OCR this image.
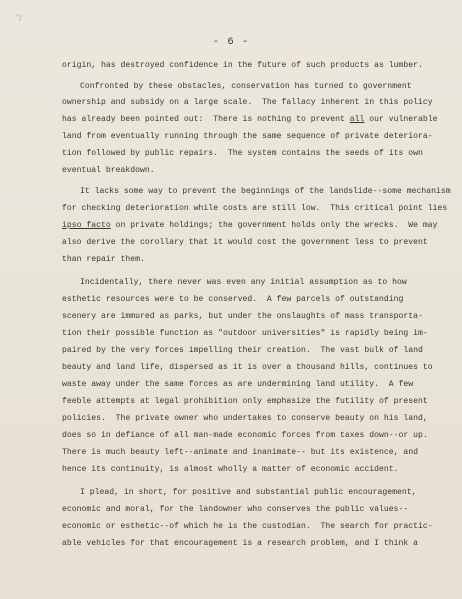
"/
- 6 -
origin, has destroyed confidence in the future of such products as lumber.
Confronted by these obstacles, conservation has turned to government
ownership and subsidy on a large scale.  The fallacy inherent in this policy
has already been pointed out:  There is nothing to prevent all our vulnerable
land from eventually running through the same sequence of private deteriora-
tion followed by public repairs.  The system contains the seeds of its own
eventual breakdown.
It lacks some way to prevent the beginnings of the landslide--some mechanism
for checking deterioration while costs are still low.  This critical point lies
ipso facto on private holdings; the government holds only the wrecks.  We may
also derive the corollary that it would cost the government less to prevent
than repair them.
Incidentally, there never was even any initial assumption as to how
esthetic resources were to be conserved.  A few parcels of outstanding
scenery are immured as parks, but under the onslaughts of mass transporta-
tion their possible function as "outdoor universities" is rapidly being im-
paired by the very forces impelling their creation.  The vast bulk of land
beauty and land life, dispersed as it is over a thousand hills, continues to
waste away under the same forces as are undermining land utility.  A few
feeble attempts at legal prohibition only emphasize the futility of present
policies.  The private owner who undertakes to conserve beauty on his land,
does so in defiance of all man-made economic forces from taxes down--or up.
There is much beauty left--animate and inanimate-- but its existence, and
hence its continuity, is almost wholly a matter of economic accident.
I plead, in short, for positive and substantial public encouragement,
economic and moral, for the landowner who conserves the public values--
economic or esthetic--of which he is the custodian.  The search for practic-
able vehicles for that encouragement is a research problem, and I think a
